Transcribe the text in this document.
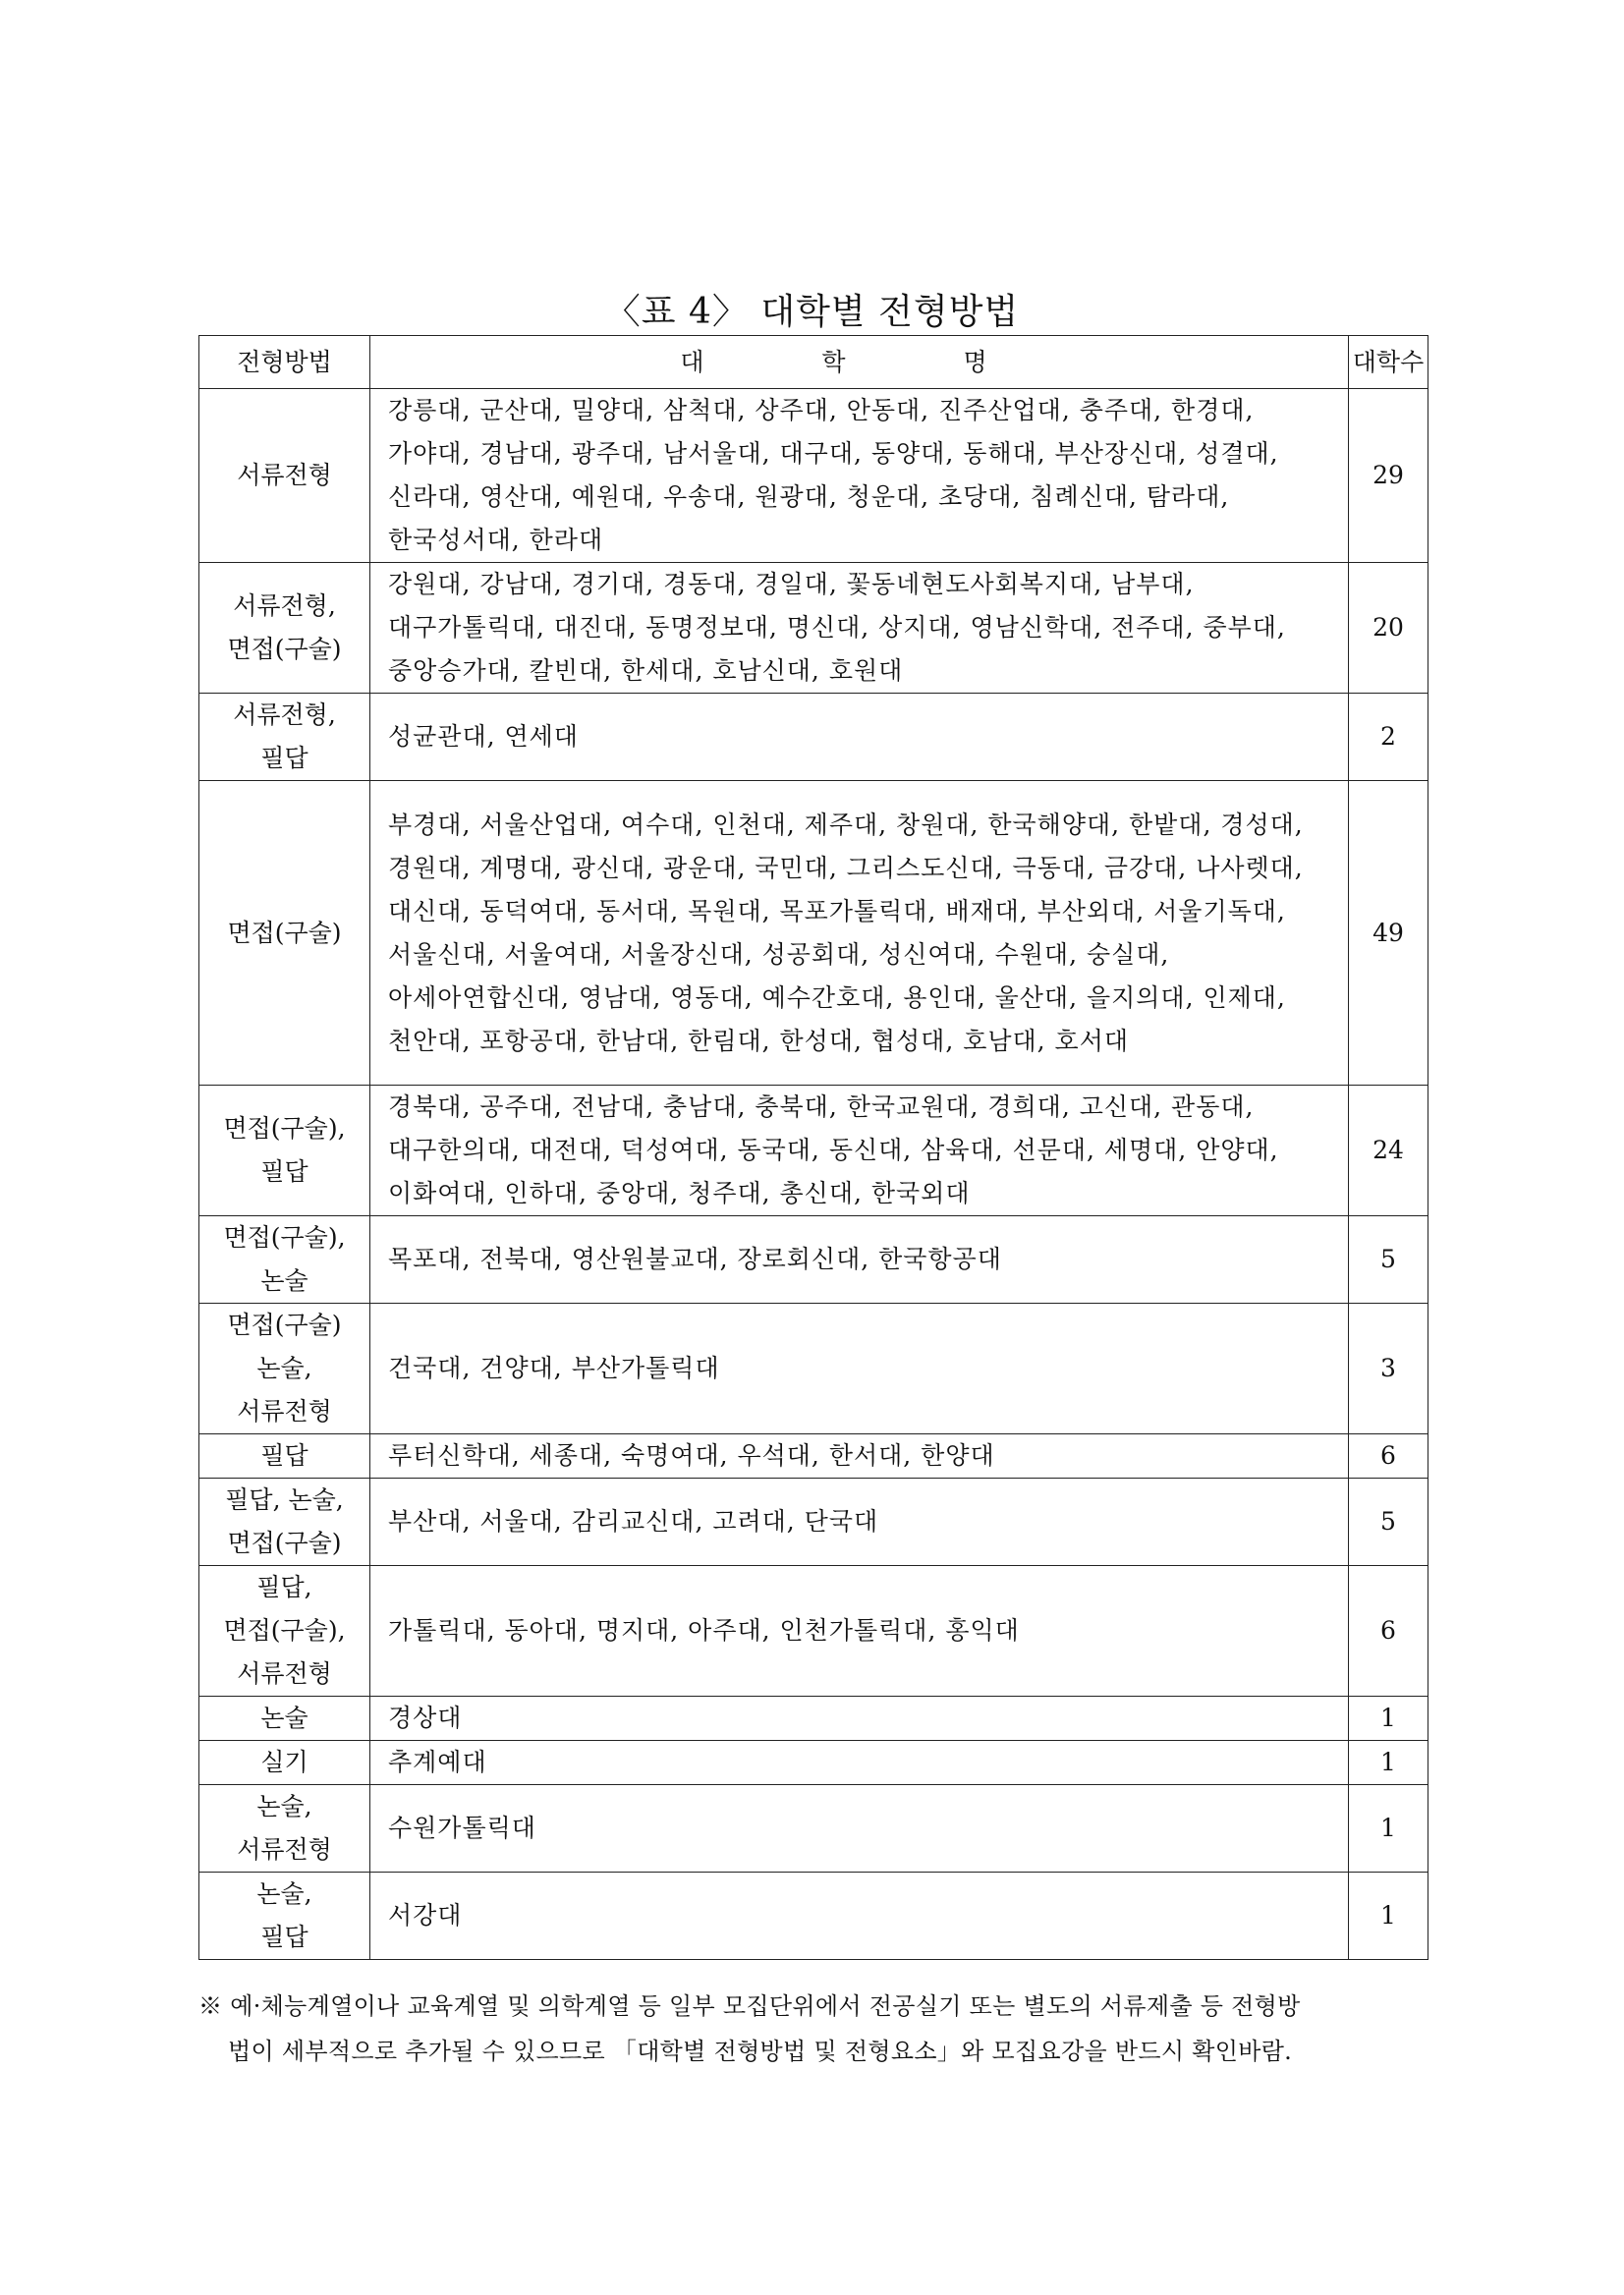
〈표 4〉 대학별 전형방법
전형방법	대 학 명	대학수

서류전형	강릉대, 군산대, 밀양대, 삼척대, 상주대, 안동대, 진주산업대, 충주대, 한경대, 가야대, 경남대, 광주대, 남서울대, 대구대, 동양대, 동해대, 부산장신대, 성결대, 신라대, 영산대, 예원대, 우송대, 원광대, 청운대, 초당대, 침례신대, 탐라대, 한국성서대, 한라대	29

서류전형,
면접(구술)	강원대, 강남대, 경기대, 경동대, 경일대, 꽃동네현도사회복지대, 남부대, 대구가톨릭대, 대진대, 동명정보대, 명신대, 상지대, 영남신학대, 전주대, 중부대, 중앙승가대, 칼빈대, 한세대, 호남신대, 호원대	20

서류전형,
필답	성균관대, 연세대	2

면접(구술)	부경대, 서울산업대, 여수대, 인천대, 제주대, 창원대, 한국해양대, 한밭대, 경성대, 경원대, 계명대, 광신대, 광운대, 국민대, 그리스도신대, 극동대, 금강대, 나사렛대, 대신대, 동덕여대, 동서대, 목원대, 목포가톨릭대, 배재대, 부산외대, 서울기독대, 서울신대, 서울여대, 서울장신대, 성공회대, 성신여대, 수원대, 숭실대, 아세아연합신대, 영남대, 영동대, 예수간호대, 용인대, 울산대, 을지의대, 인제대, 천안대, 포항공대, 한남대, 한림대, 한성대, 협성대, 호남대, 호서대	49

면접(구술),
필답	경북대, 공주대, 전남대, 충남대, 충북대, 한국교원대, 경희대, 고신대, 관동대, 대구한의대, 대전대, 덕성여대, 동국대, 동신대, 삼육대, 선문대, 세명대, 안양대, 이화여대, 인하대, 중앙대, 청주대, 총신대, 한국외대	24

면접(구술),
논술	목포대, 전북대, 영산원불교대, 장로회신대, 한국항공대	5

면접(구술)
논술,
서류전형	건국대, 건양대, 부산가톨릭대	3

필답	루터신학대, 세종대, 숙명여대, 우석대, 한서대, 한양대	6

필답, 논술,
면접(구술)	부산대, 서울대, 감리교신대, 고려대, 단국대	5

필답,
면접(구술),
서류전형	가톨릭대, 동아대, 명지대, 아주대, 인천가톨릭대, 홍익대	6

논술	경상대	1

실기	추계예대	1

논술,
서류전형	수원가톨릭대	1

논술,
필답	서강대	1
※ 예·체능계열이나 교육계열 및 의학계열 등 일부 모집단위에서 전공실기 또는 별도의 서류제출 등 전형방
법이 세부적으로 추가될 수 있으므로 「대학별 전형방법 및 전형요소」와 모집요강을 반드시 확인바람.
